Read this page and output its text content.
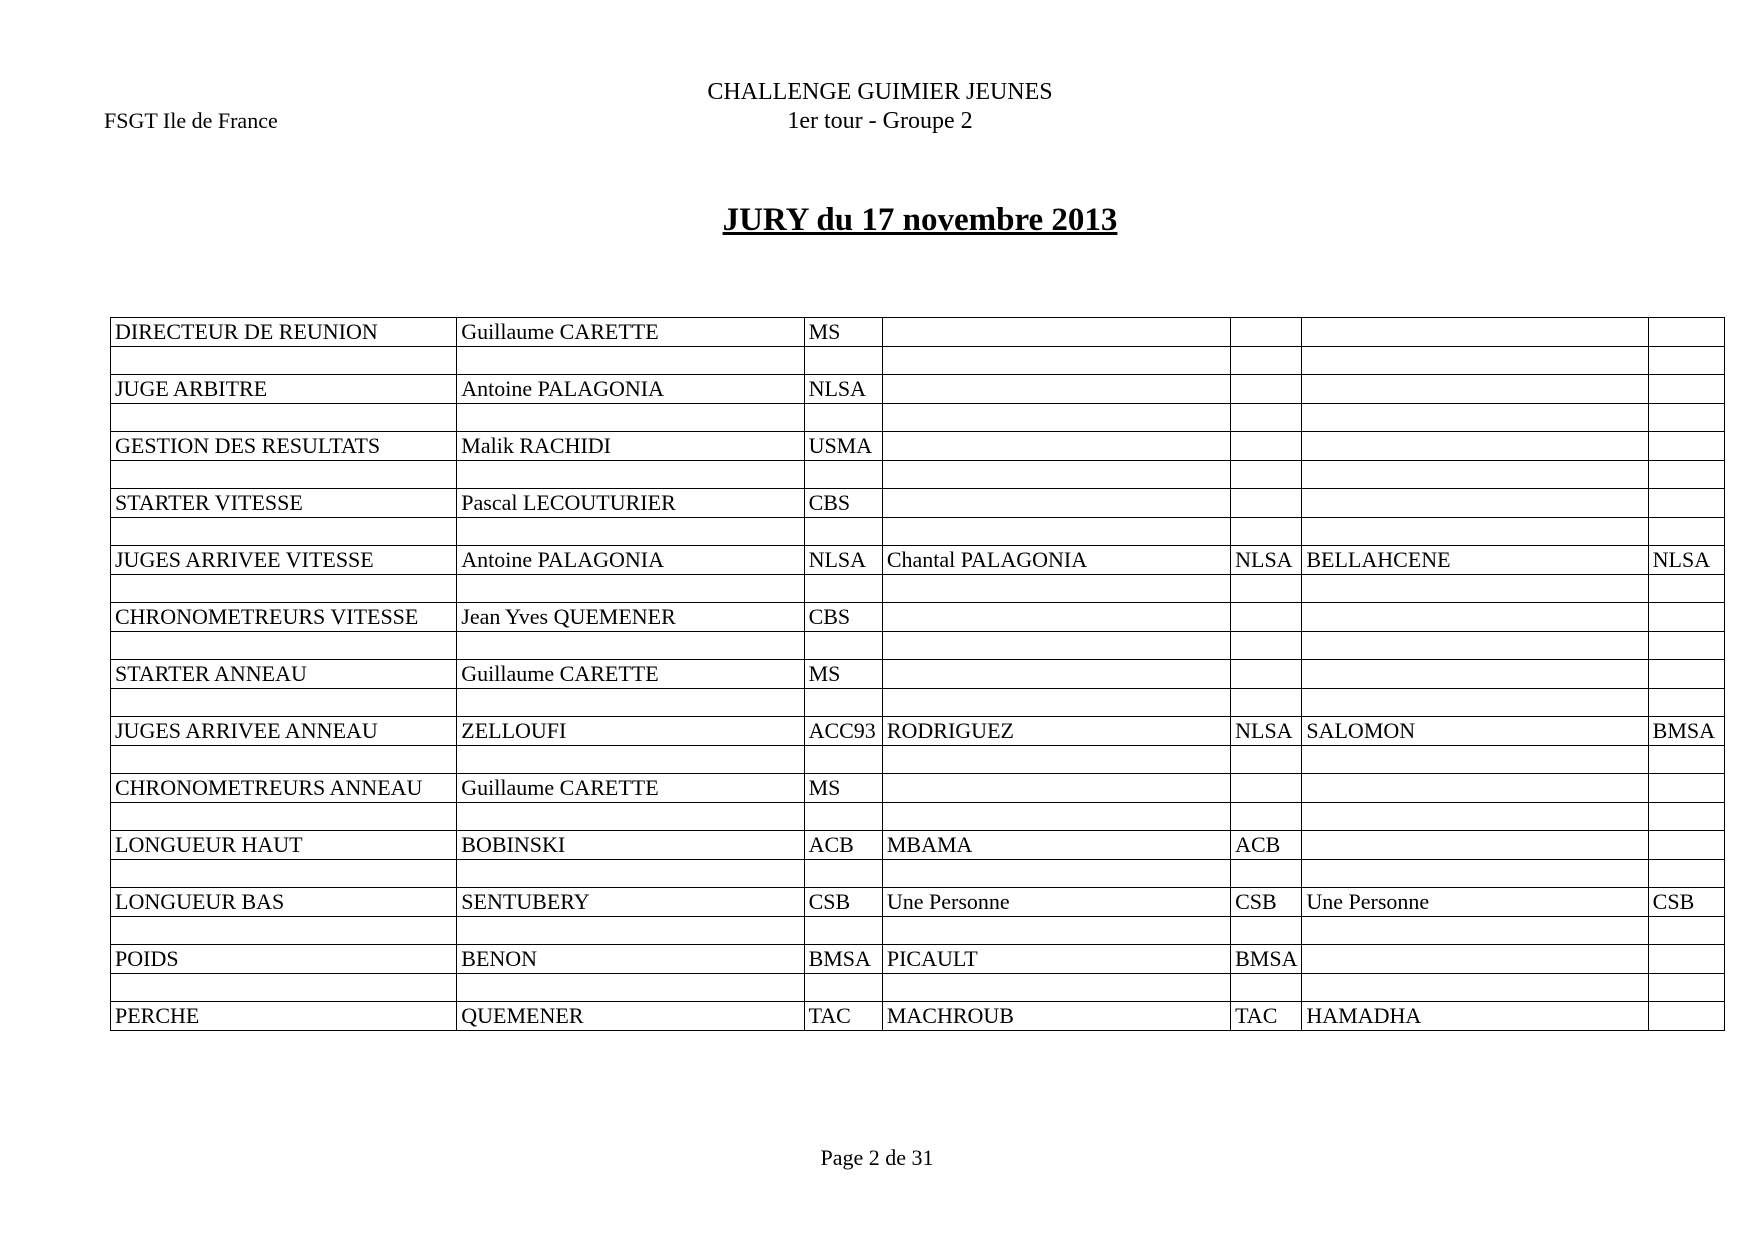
FSGT Ile de France
CHALLENGE GUIMIER JEUNES
1er tour - Groupe 2
JURY du 17 novembre 2013
DIRECTEUR DE REUNION	Guillaume CARETTE	MS				

JUGE ARBITRE	Antoine PALAGONIA	NLSA				

GESTION DES RESULTATS	Malik RACHIDI	USMA				

STARTER VITESSE	Pascal LECOUTURIER	CBS				

JUGES ARRIVEE VITESSE	Antoine PALAGONIA	NLSA	Chantal PALAGONIA	NLSA	BELLAHCENE	NLSA

CHRONOMETREURS VITESSE	Jean Yves QUEMENER	CBS				

STARTER ANNEAU	Guillaume CARETTE	MS				

JUGES ARRIVEE ANNEAU	ZELLOUFI	ACC93	RODRIGUEZ	NLSA	SALOMON	BMSA

CHRONOMETREURS ANNEAU	Guillaume CARETTE	MS				

LONGUEUR HAUT	BOBINSKI	ACB	MBAMA	ACB		

LONGUEUR BAS	SENTUBERY	CSB	Une Personne	CSB	Une Personne	CSB

POIDS	BENON	BMSA	PICAULT	BMSA		

PERCHE	QUEMENER	TAC	MACHROUB	TAC	HAMADHA	
Page 2 de 31
